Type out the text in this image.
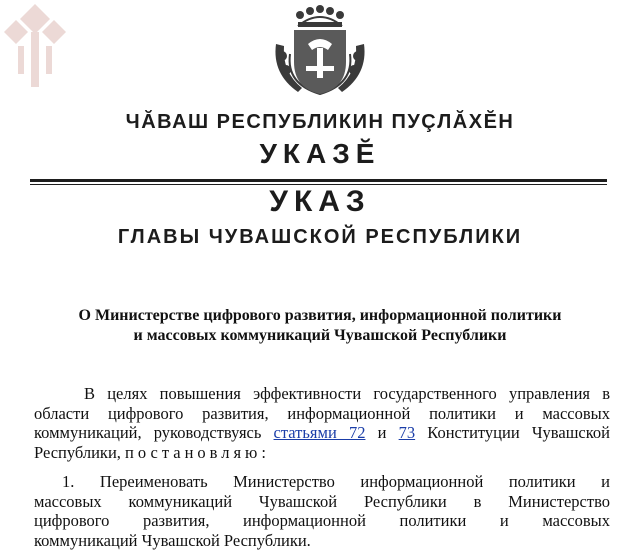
ЧĂВАШ РЕСПУБЛИКИН ПУÇЛĂХĔН
УКАЗĔ
УКАЗ
ГЛАВЫ ЧУВАШСКОЙ РЕСПУБЛИКИ
О Министерстве цифрового развития, информационной политики
и массовых коммуникаций Чувашской Республики
В целях повышения эффективности государственного управления в
области цифрового развития, информационной политики и массовых
коммуникаций, руководствуясь статьями 72 и 73 Конституции Чувашской
Республики, постановляю:
1. Переименовать Министерство информационной политики и
массовых коммуникаций Чувашской Республики в Министерство
цифрового развития, информационной политики и массовых
коммуникаций Чувашской Республики.
